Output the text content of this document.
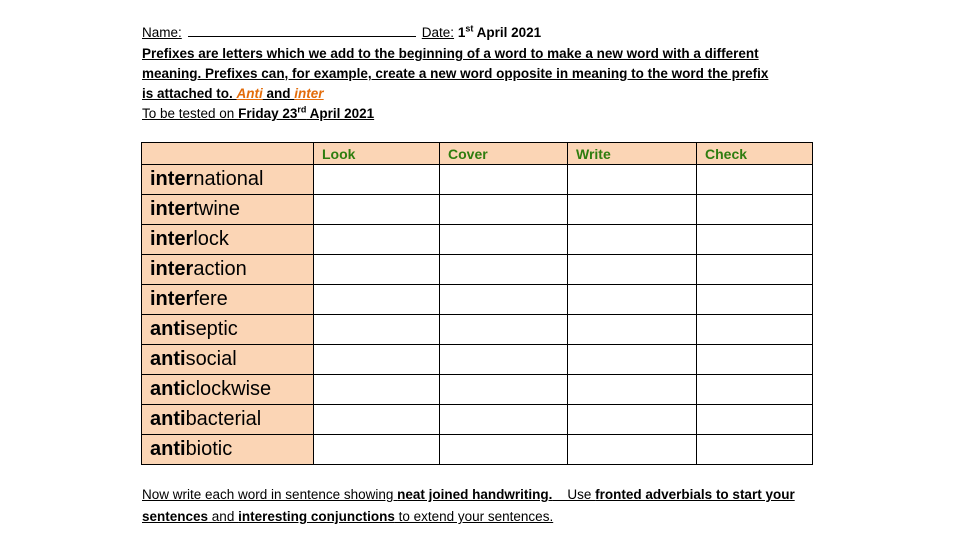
Name:	Date: 1st April 2021
Prefixes are letters which we add to the beginning of a word to make a new word with a different
meaning. Prefixes can, for example, create a new word opposite in meaning to the word the prefix
is attached to. Anti and inter
To be tested on Friday 23rd April 2021
	Look	Cover	Write	Check
international				
intertwine				
interlock				
interaction				
interfere				
antiseptic				
antisocial				
anticlockwise				
antibacterial				
antibiotic				
Now write each word in sentence showing neat joined handwriting.    Use fronted adverbials to start your sentences and interesting conjunctions to extend your sentences.
